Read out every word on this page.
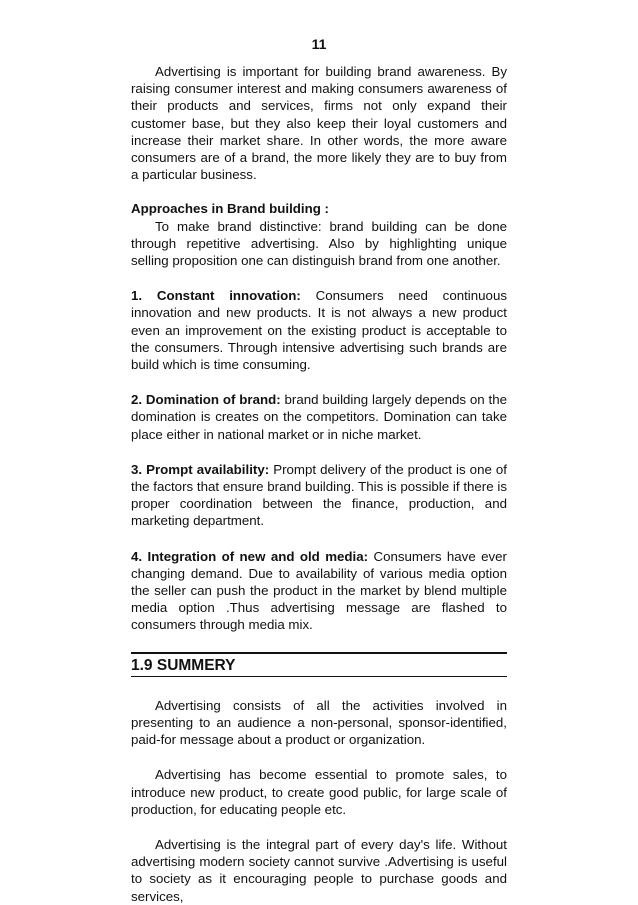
11

Advertising is important for building brand awareness. By raising consumer interest and making consumers awareness of their products and services, firms not only expand their customer base, but they also keep their loyal customers and increase their market share. In other words, the more aware consumers are of a brand, the more likely they are to buy from a particular business.

Approaches in Brand building :

To make brand distinctive: brand building can be done through repetitive advertising. Also by highlighting unique selling proposition one can distinguish brand from one another.

1. Constant innovation: Consumers need continuous innovation and new products. It is not always a new product even an improvement on the existing product is acceptable to the consumers. Through intensive advertising such brands are build which is time consuming.

2. Domination of brand: brand building largely depends on the domination is creates on the competitors. Domination can take place either in national market or in niche market.

3. Prompt availability: Prompt delivery of the product is one of the factors that ensure brand building. This is possible if there is proper coordination between the finance, production, and marketing department.

4. Integration of new and old media: Consumers have ever changing demand. Due to availability of various media option the seller can push the product in the market by blend multiple media option .Thus advertising message are flashed to consumers through media mix.

1.9 SUMMERY

Advertising consists of all the activities involved in presenting to an audience a non-personal, sponsor-identified, paid-for message about a product or organization.

Advertising has become essential to promote sales, to introduce new product, to create good public, for large scale of production, for educating people etc.

Advertising is the integral part of every day's life. Without advertising modern society cannot survive .Advertising is useful to society as it encouraging people to purchase goods and services,
